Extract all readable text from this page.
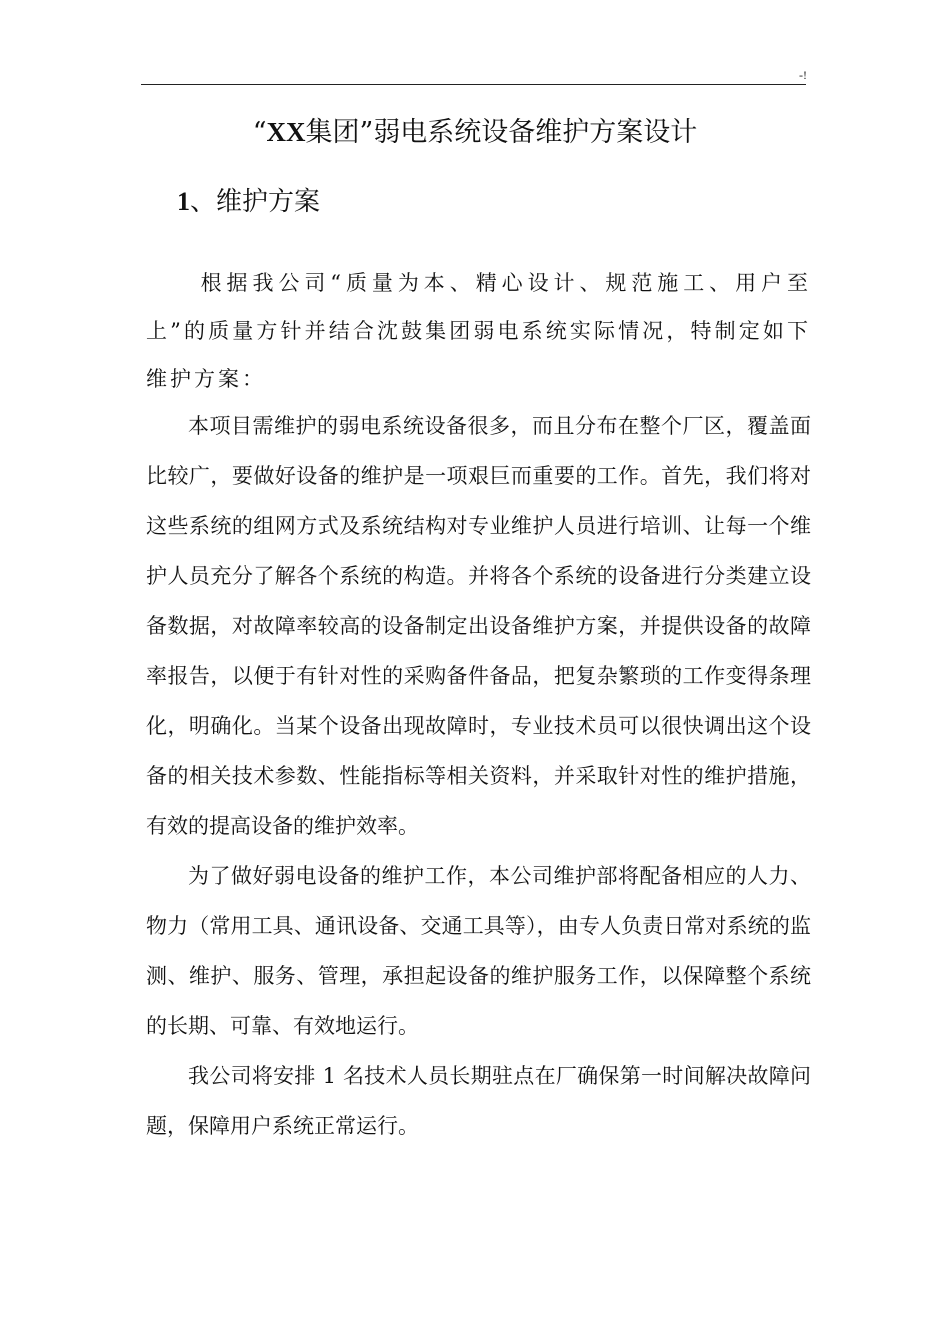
-!
“XX集团”弱电系统设备维护方案设计
1、维护方案

根据我公司“质量为本、精心设计、规范施工、用户至上”的质量方针并结合沈鼓集团弱电系统实际情况，特制定如下维护方案：

本项目需维护的弱电系统设备很多，而且分布在整个厂区，覆盖面比较广，要做好设备的维护是一项艰巨而重要的工作。首先，我们将对这些系统的组网方式及系统结构对专业维护人员进行培训、让每一个维护人员充分了解各个系统的构造。并将各个系统的设备进行分类建立设备数据，对故障率较高的设备制定出设备维护方案，并提供设备的故障率报告，以便于有针对性的采购备件备品，把复杂繁琐的工作变得条理化，明确化。当某个设备出现故障时，专业技术员可以很快调出这个设备的相关技术参数、性能指标等相关资料，并采取针对性的维护措施，有效的提高设备的维护效率。

为了做好弱电设备的维护工作，本公司维护部将配备相应的人力、物力（常用工具、通讯设备、交通工具等），由专人负责日常对系统的监测、维护、服务、管理，承担起设备的维护服务工作，以保障整个系统的长期、可靠、有效地运行。

我公司将安排 1 名技术人员长期驻点在厂确保第一时间解决故障问题，保障用户系统正常运行。
